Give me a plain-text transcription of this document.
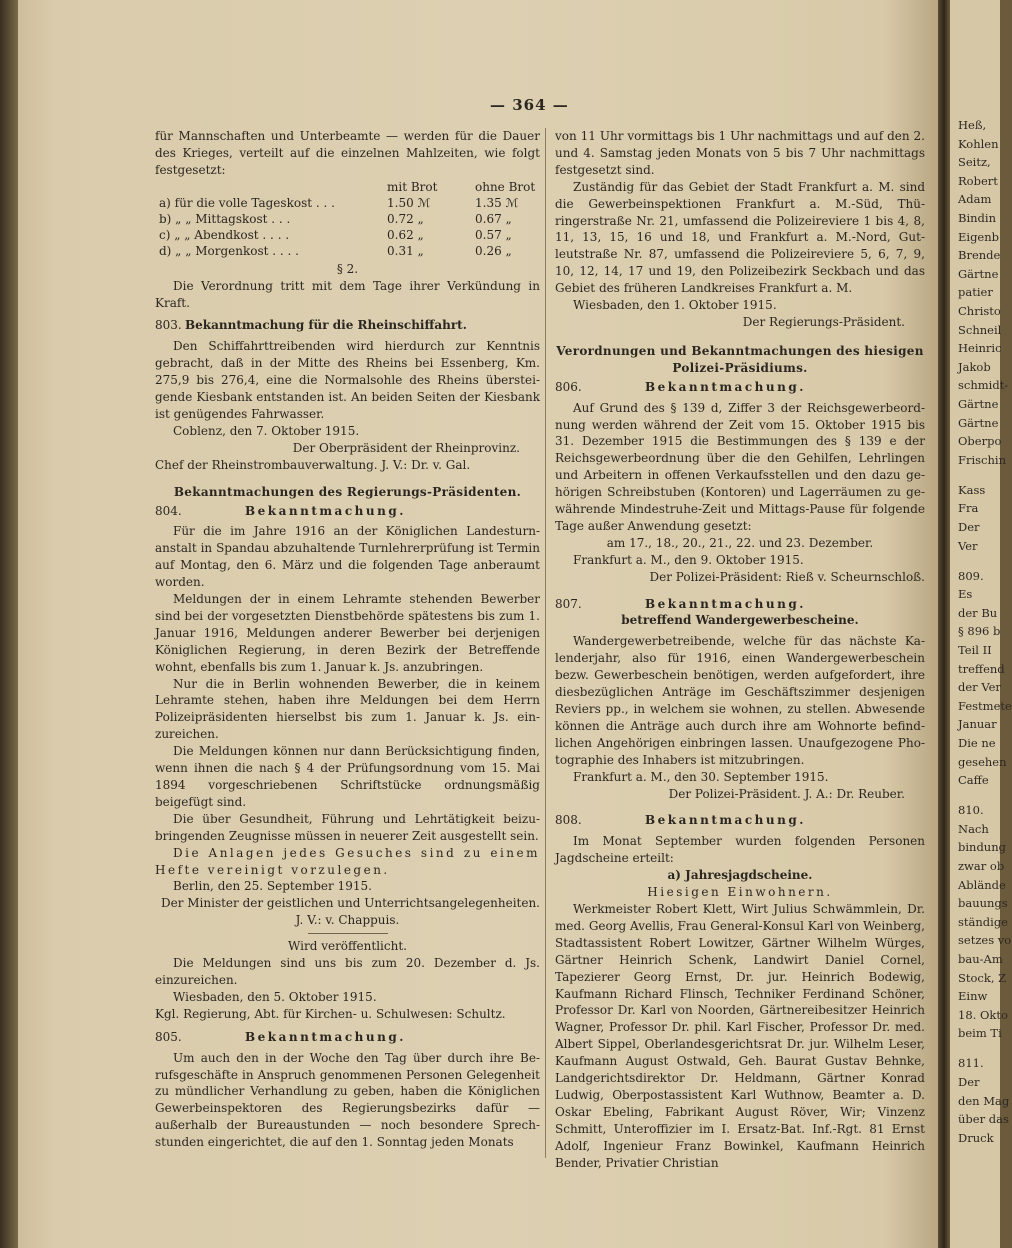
Heß,
Kohlen
Seitz,
Robert
Adam
Bindin
Eigenb
Brende
Gärtne
patier
Christo
Schneil
Heinric
Jakob
schmidt-
Gärtne
Gärtne
Oberpo
Frischin
Kass
Fra
Der
Ver
809.
Es
der Bu
§ 896 b
Teil II
treffend
der Ver
Festmete
Januar
Die ne
gesehen
Caffe
810.
Nach
bindung
zwar ob
Ablände
bauungs
ständige
setzes vo
bau-Am
Stock, Z
Einw
18. Okto
beim Ti
811.
Der
den Mag
über das
Druck
— 364 —

für Mannschaften und Unterbeamte — werden für die Dauer des Krieges, verteilt auf die einzelnen Mahlzeiten, wie folgt festgesetzt:

	mit Brot	ohne Brot
a) für die volle Tageskost . . .	1.50 ℳ	1.35 ℳ
b) „ „ Mittagskost . . .	0.72 „	0.67 „
c) „ „ Abendkost . . . .	0.62 „	0.57 „
d) „ „ Morgenkost . . . .	0.31 „	0.26 „

§ 2.

Die Verordnung tritt mit dem Tage ihrer Verkündung in Kraft.

803. Bekanntmachung für die Rheinschiffahrt.

Den Schiffahrttreibenden wird hierdurch zur Kenntnis gebracht, daß in der Mitte des Rheins bei Essenberg, Km. 275,9 bis 276,4, eine die Normalsohle des Rheins übersteigende Kiesbank entstanden ist. An beiden Seiten der Kiesbank ist genügendes Fahrwasser.

Coblenz, den 7. Oktober 1915.

Der Oberpräsident der Rheinprovinz.

Chef der Rheinstrombauverwaltung. J. V.: Dr. v. Gal.

Bekanntmachungen des Regierungs-Präsidenten.

804.	Bekanntmachung.

Für die im Jahre 1916 an der Königlichen Landesturnanstalt in Spandau abzuhaltende Turnlehrerprüfung ist Termin auf Montag, den 6. März und die folgenden Tage anberaumt worden.

Meldungen der in einem Lehramte stehenden Bewerber sind bei der vorgesetzten Dienstbehörde spätestens bis zum 1. Januar 1916, Meldungen anderer Bewerber bei derjenigen Königlichen Regierung, in deren Bezirk der Betreffende wohnt, ebenfalls bis zum 1. Januar k. Js. anzubringen.

Nur die in Berlin wohnenden Bewerber, die in keinem Lehramte stehen, haben ihre Meldungen bei dem Herrn Polizeipräsidenten hierselbst bis zum 1. Januar k. Js. einzureichen.

Die Meldungen können nur dann Berücksichtigung finden, wenn ihnen die nach § 4 der Prüfungsordnung vom 15. Mai 1894 vorgeschriebenen Schriftstücke ordnungsmäßig beigefügt sind.

Die über Gesundheit, Führung und Lehrtätigkeit beizubringenden Zeugnisse müssen in neuerer Zeit ausgestellt sein.

Die Anlagen jedes Gesuches sind zu einem Hefte vereinigt vorzulegen.

Berlin, den 25. September 1915.

Der Minister der geistlichen und Unterrichtsangelegenheiten.

J. V.: v. Chappuis.

Wird veröffentlicht.

Die Meldungen sind uns bis zum 20. Dezember d. Js. einzureichen.

Wiesbaden, den 5. Oktober 1915.

Kgl. Regierung, Abt. für Kirchen- u. Schulwesen: Schultz.

805.	Bekanntmachung.

Um auch den in der Woche den Tag über durch ihre Berufsgeschäfte in Anspruch genommenen Personen Gelegenheit zu mündlicher Verhandlung zu geben, haben die Königlichen Gewerbeinspektoren des Regierungsbezirks dafür — außerhalb der Bureaustunden — noch besondere Sprechstunden eingerichtet, die auf den 1. Sonntag jeden Monats

von 11 Uhr vormittags bis 1 Uhr nachmittags und auf den 2. und 4. Samstag jeden Monats von 5 bis 7 Uhr nachmittags festgesetzt sind.

Zuständig für das Gebiet der Stadt Frankfurt a. M. sind die Gewerbeinspektionen Frankfurt a. M.-Süd, Thüringerstraße Nr. 21, umfassend die Polizeireviere 1 bis 4, 8, 11, 13, 15, 16 und 18, und Frankfurt a. M.-Nord, Gutleutstraße Nr. 87, umfassend die Polizeireviere 5, 6, 7, 9, 10, 12, 14, 17 und 19, den Polizeibezirk Seckbach und das Gebiet des früheren Landkreises Frankfurt a. M.

Wiesbaden, den 1. Oktober 1915.

Der Regierungs-Präsident.

Verordnungen und Bekanntmachungen des hiesigen Polizei-Präsidiums.

806.	Bekanntmachung.

Auf Grund des § 139 d, Ziffer 3 der Reichsgewerbeordnung werden während der Zeit vom 15. Oktober 1915 bis 31. Dezember 1915 die Bestimmungen des § 139 e der Reichsgewerbeordnung über die den Gehilfen, Lehrlingen und Arbeitern in offenen Verkaufsstellen und den dazu gehörigen Schreibstuben (Kontoren) und Lagerräumen zu gewährende Mindestruhe-Zeit und Mittags-Pause für folgende Tage außer Anwendung gesetzt:

am 17., 18., 20., 21., 22. und 23. Dezember.

Frankfurt a. M., den 9. Oktober 1915.

Der Polizei-Präsident: Rieß v. Scheurnschloß.

807.	Bekanntmachung.

betreffend Wandergewerbescheine.

Wandergewerbetreibende, welche für das nächste Kalenderjahr, also für 1916, einen Wandergewerbeschein bezw. Gewerbeschein benötigen, werden aufgefordert, ihre diesbezüglichen Anträge im Geschäftszimmer desjenigen Reviers pp., in welchem sie wohnen, zu stellen. Abwesende können die Anträge auch durch ihre am Wohnorte befindlichen Angehörigen einbringen lassen. Unaufgezogene Photographie des Inhabers ist mitzubringen.

Frankfurt a. M., den 30. September 1915.

Der Polizei-Präsident. J. A.: Dr. Reuber.

808.	Bekanntmachung.

Im Monat September wurden folgenden Personen Jagdscheine erteilt:

a) Jahresjagdscheine.

Hiesigen Einwohnern.

Werkmeister Robert Klett, Wirt Julius Schwämmlein, Dr. med. Georg Avellis, Frau General-Konsul Karl von Weinberg, Stadtassistent Robert Lowitzer, Gärtner Wilhelm Würges, Gärtner Heinrich Schenk, Landwirt Daniel Cornel, Tapezierer Georg Ernst, Dr. jur. Heinrich Bodewig, Kaufmann Richard Flinsch, Techniker Ferdinand Schöner, Professor Dr. Karl von Noorden, Gärtnereibesitzer Heinrich Wagner, Professor Dr. phil. Karl Fischer, Professor Dr. med. Albert Sippel, Oberlandesgerichtsrat Dr. jur. Wilhelm Leser, Kaufmann August Ostwald, Geh. Baurat Gustav Behnke, Landgerichtsdirektor Dr. Heldmann, Gärtner Konrad Ludwig, Oberpostassistent Karl Wuthnow, Beamter a. D. Oskar Ebeling, Fabrikant August Röver, Wir; Vinzenz Schmitt, Unteroffizier im I. Ersatz-Bat. Inf.-Rgt. 81 Ernst Adolf, Ingenieur Franz Bowinkel, Kaufmann Heinrich Bender, Privatier Christian
